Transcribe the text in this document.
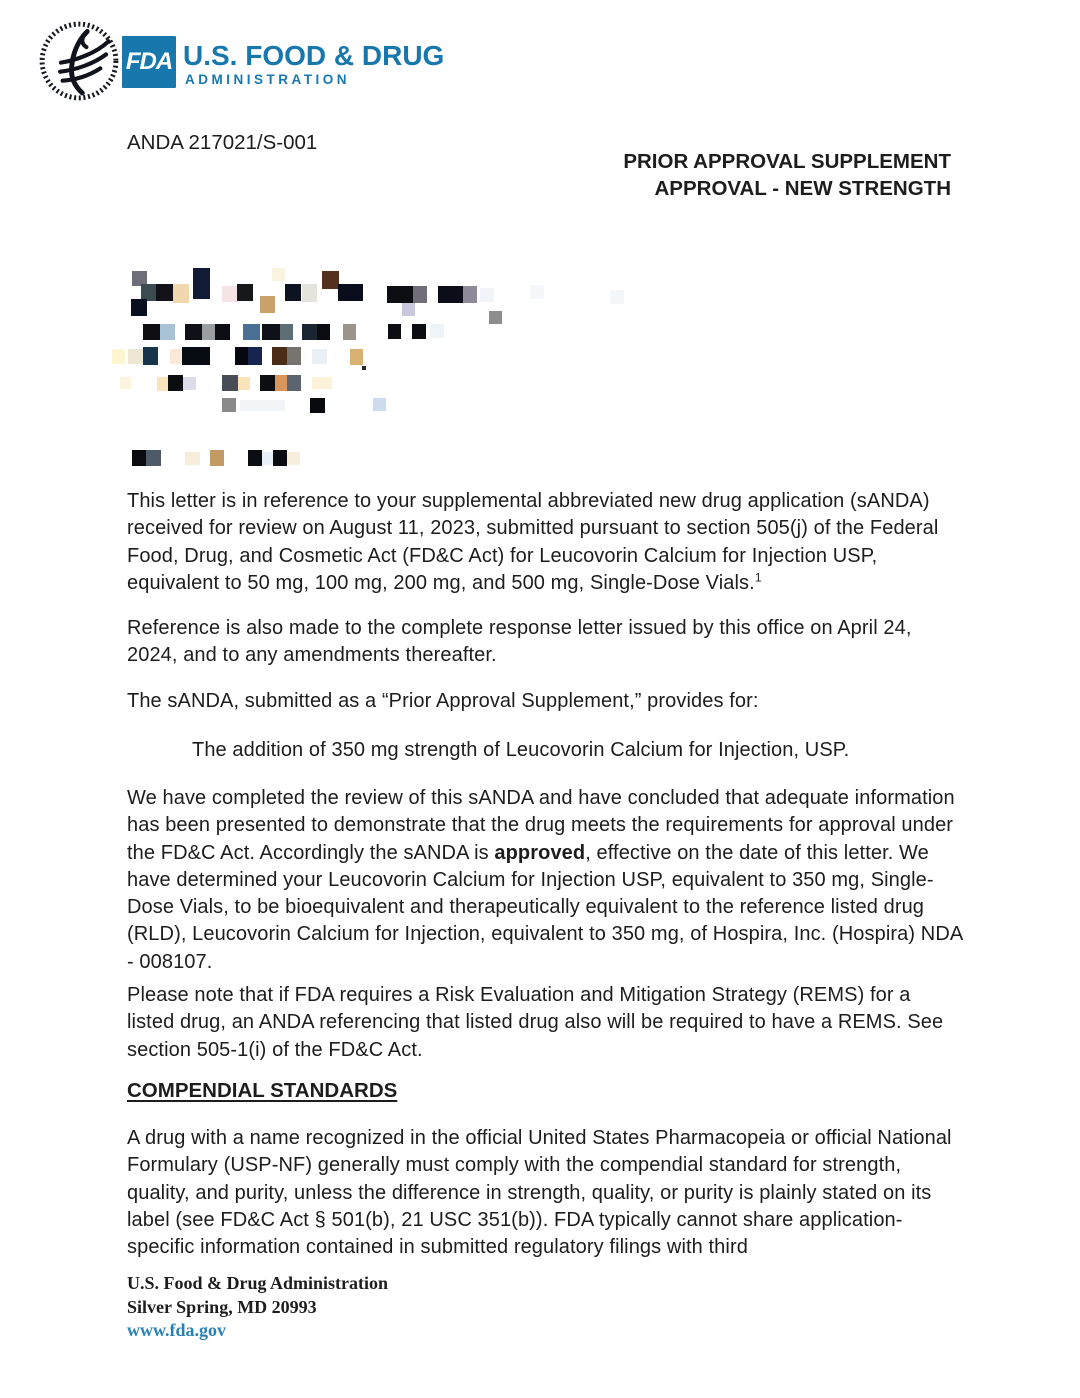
FDA U.S. FOOD & DRUG
ADMINISTRATION
ANDA 217021/S-001
PRIOR APPROVAL SUPPLEMENT
APPROVAL - NEW STRENGTH
This letter is in reference to your supplemental abbreviated new drug application (sANDA) received for review on August 11, 2023, submitted pursuant to section 505(j) of the Federal Food, Drug, and Cosmetic Act (FD&C Act) for Leucovorin Calcium for Injection USP, equivalent to 50 mg, 100 mg, 200 mg, and 500 mg, Single-Dose Vials.$^1$
Reference is also made to the complete response letter issued by this office on April 24, 2024, and to any amendments thereafter.
The sANDA, submitted as a “Prior Approval Supplement,” provides for:
The addition of 350 mg strength of Leucovorin Calcium for Injection, USP.
We have completed the review of this sANDA and have concluded that adequate information has been presented to demonstrate that the drug meets the requirements for approval under the FD&C Act. Accordingly the sANDA is approved, effective on the date of this letter. We have determined your Leucovorin Calcium for Injection USP, equivalent to 350 mg, Single-Dose Vials, to be bioequivalent and therapeutically equivalent to the reference listed drug (RLD), Leucovorin Calcium for Injection, equivalent to 350 mg, of Hospira, Inc. (Hospira) NDA - 008107.
Please note that if FDA requires a Risk Evaluation and Mitigation Strategy (REMS) for a listed drug, an ANDA referencing that listed drug also will be required to have a REMS. See section 505-1(i) of the FD&C Act.
COMPENDIAL STANDARDS
A drug with a name recognized in the official United States Pharmacopeia or official National Formulary (USP-NF) generally must comply with the compendial standard for strength, quality, and purity, unless the difference in strength, quality, or purity is plainly stated on its label (see FD&C Act § 501(b), 21 USC 351(b)). FDA typically cannot share application-specific information contained in submitted regulatory filings with third
U.S. Food & Drug Administration
Silver Spring, MD 20993
www.fda.gov
